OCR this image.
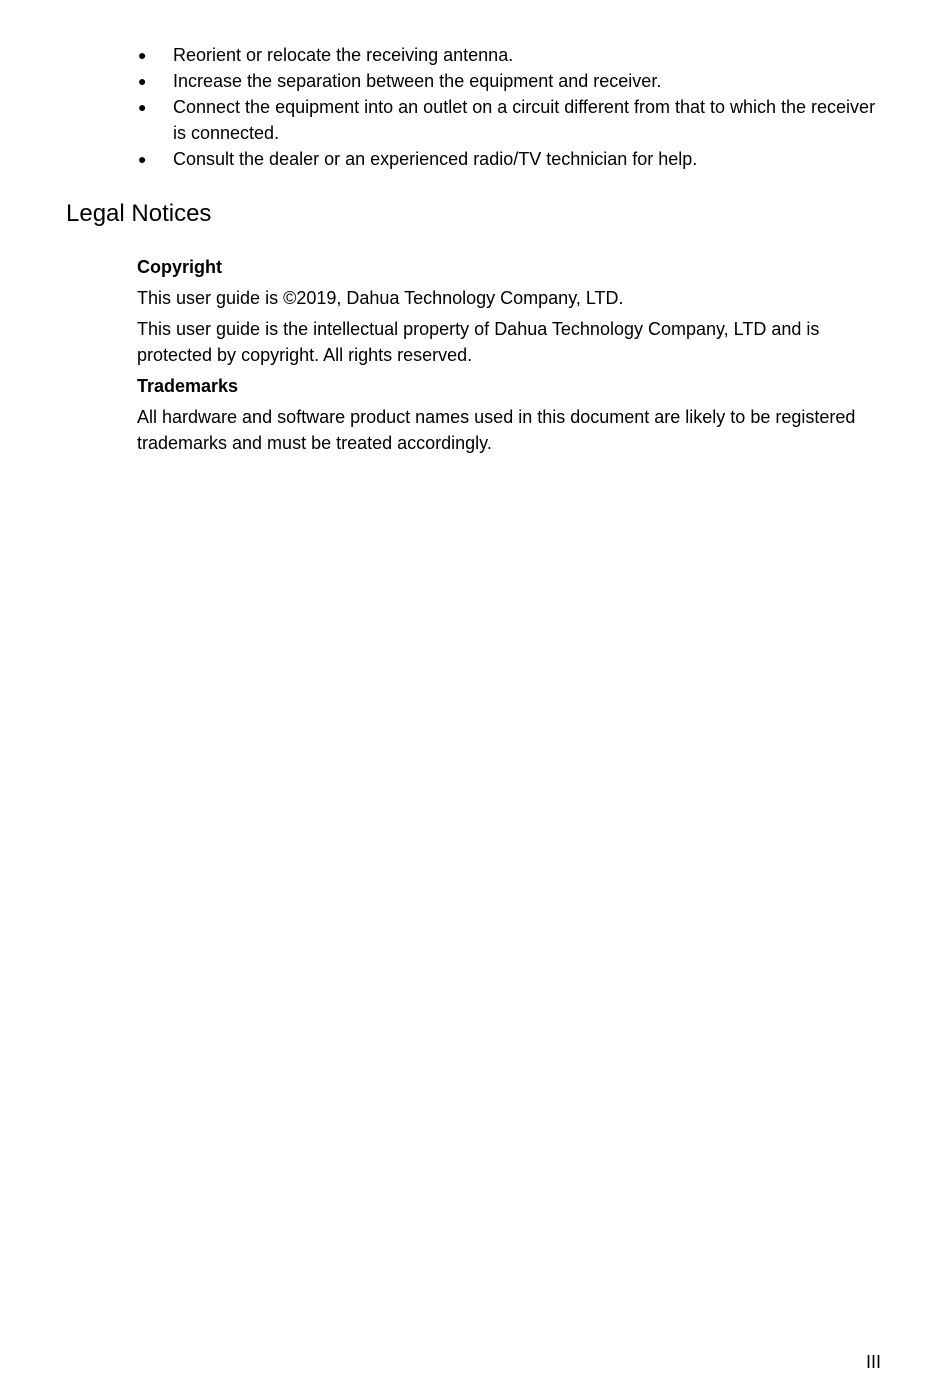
● Reorient or relocate the receiving antenna.
● Increase the separation between the equipment and receiver.
● Connect the equipment into an outlet on a circuit different from that to which the receiver is connected.
● Consult the dealer or an experienced radio/TV technician for help.
Legal Notices
Copyright

This user guide is ©2019, Dahua Technology Company, LTD.

This user guide is the intellectual property of Dahua Technology Company, LTD and is protected by copyright. All rights reserved.

Trademarks

All hardware and software product names used in this document are likely to be registered trademarks and must be treated accordingly.

III
